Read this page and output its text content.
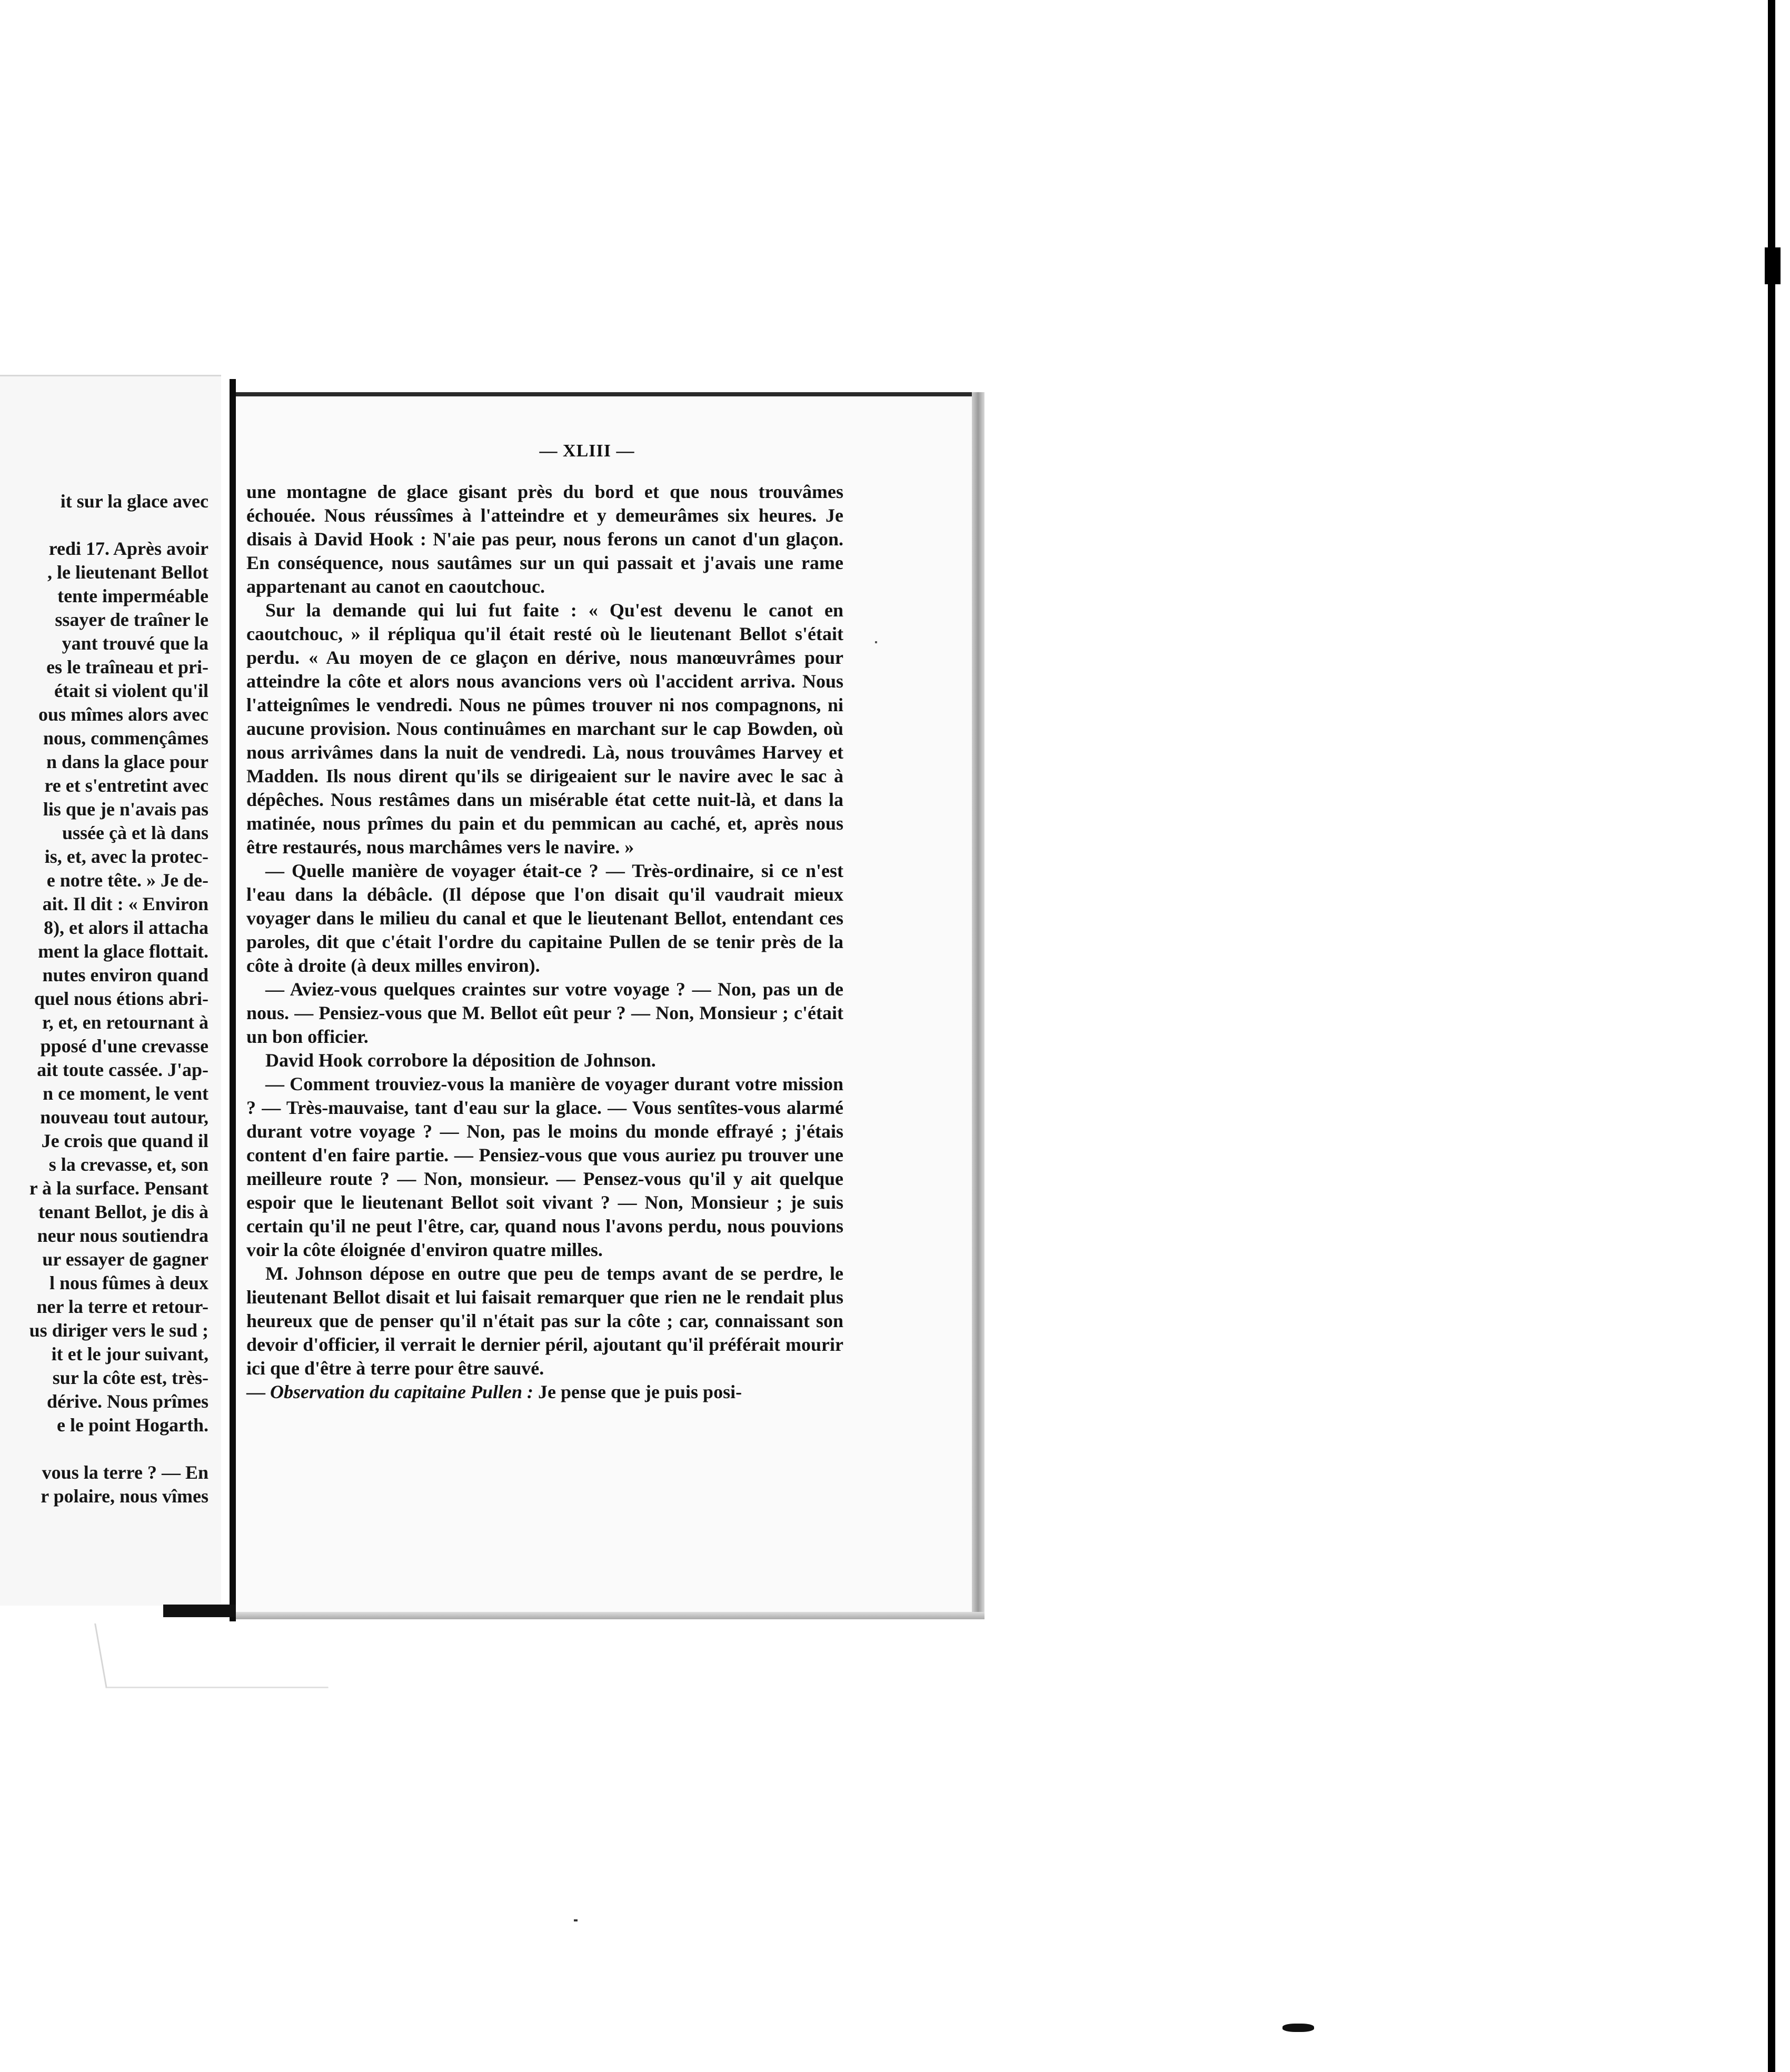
it sur la glace avec
redi 17. Après avoir
, le lieutenant Bellot
tente imperméable
ssayer de traîner le
yant trouvé que la
es le traîneau et pri-
était si violent qu'il
ous mîmes alors avec
nous, commençâmes
n dans la glace pour
re et s'entretint avec
lis que je n'avais pas
ussée çà et là dans
is, et, avec la protec-
e notre tête. » Je de-
ait. Il dit : « Environ
8), et alors il attacha
ment la glace flottait.
nutes environ quand
quel nous étions abri-
r, et, en retournant à
pposé d'une crevasse
ait toute cassée. J'ap-
n ce moment, le vent
nouveau tout autour,
Je crois que quand il
s la crevasse, et, son
r à la surface. Pensant
tenant Bellot, je dis à
neur nous soutiendra
ur essayer de gagner
l nous fûmes à deux
ner la terre et retour-
us diriger vers le sud ;
it et le jour suivant,
sur la côte est, très-
dérive. Nous prîmes
e le point Hogarth.
vous la terre ? — En
r polaire, nous vîmes
— XLIII —

une montagne de glace gisant près du bord et que nous trouvâmes échouée. Nous réussîmes à l'atteindre et y demeurâmes six heures. Je disais à David Hook : N'aie pas peur, nous ferons un canot d'un glaçon. En conséquence, nous sautâmes sur un qui passait et j'avais une rame appartenant au canot en caoutchouc.

Sur la demande qui lui fut faite : « Qu'est devenu le canot en caoutchouc, » il répliqua qu'il était resté où le lieutenant Bellot s'était perdu. « Au moyen de ce glaçon en dérive, nous manœuvrâmes pour atteindre la côte et alors nous avancions vers où l'accident arriva. Nous l'atteignîmes le vendredi. Nous ne pûmes trouver ni nos compagnons, ni aucune provision. Nous continuâmes en marchant sur le cap Bowden, où nous arrivâmes dans la nuit de vendredi. Là, nous trouvâmes Harvey et Madden. Ils nous dirent qu'ils se dirigeaient sur le navire avec le sac à dépêches. Nous restâmes dans un misérable état cette nuit-là, et dans la matinée, nous prîmes du pain et du pemmican au caché, et, après nous être restaurés, nous marchâmes vers le navire. »

— Quelle manière de voyager était-ce ? — Très-ordinaire, si ce n'est l'eau dans la débâcle. (Il dépose que l'on disait qu'il vaudrait mieux voyager dans le milieu du canal et que le lieutenant Bellot, entendant ces paroles, dit que c'était l'ordre du capitaine Pullen de se tenir près de la côte à droite (à deux milles environ).

— Aviez-vous quelques craintes sur votre voyage ? — Non, pas un de nous. — Pensiez-vous que M. Bellot eût peur ? — Non, Monsieur ; c'était un bon officier.

David Hook corrobore la déposition de Johnson.

— Comment trouviez-vous la manière de voyager durant votre mission ? — Très-mauvaise, tant d'eau sur la glace. — Vous sentîtes-vous alarmé durant votre voyage ? — Non, pas le moins du monde effrayé ; j'étais content d'en faire partie. — Pensiez-vous que vous auriez pu trouver une meilleure route ? — Non, monsieur. — Pensez-vous qu'il y ait quelque espoir que le lieutenant Bellot soit vivant ? — Non, Monsieur ; je suis certain qu'il ne peut l'être, car, quand nous l'avons perdu, nous pouvions voir la côte éloignée d'environ quatre milles.

M. Johnson dépose en outre que peu de temps avant de se perdre, le lieutenant Bellot disait et lui faisait remarquer que rien ne le rendait plus heureux que de penser qu'il n'était pas sur la côte ; car, connaissant son devoir d'officier, il verrait le dernier péril, ajoutant qu'il préférait mourir ici que d'être à terre pour être sauvé.

— Observation du capitaine Pullen : Je pense que je puis posi-
